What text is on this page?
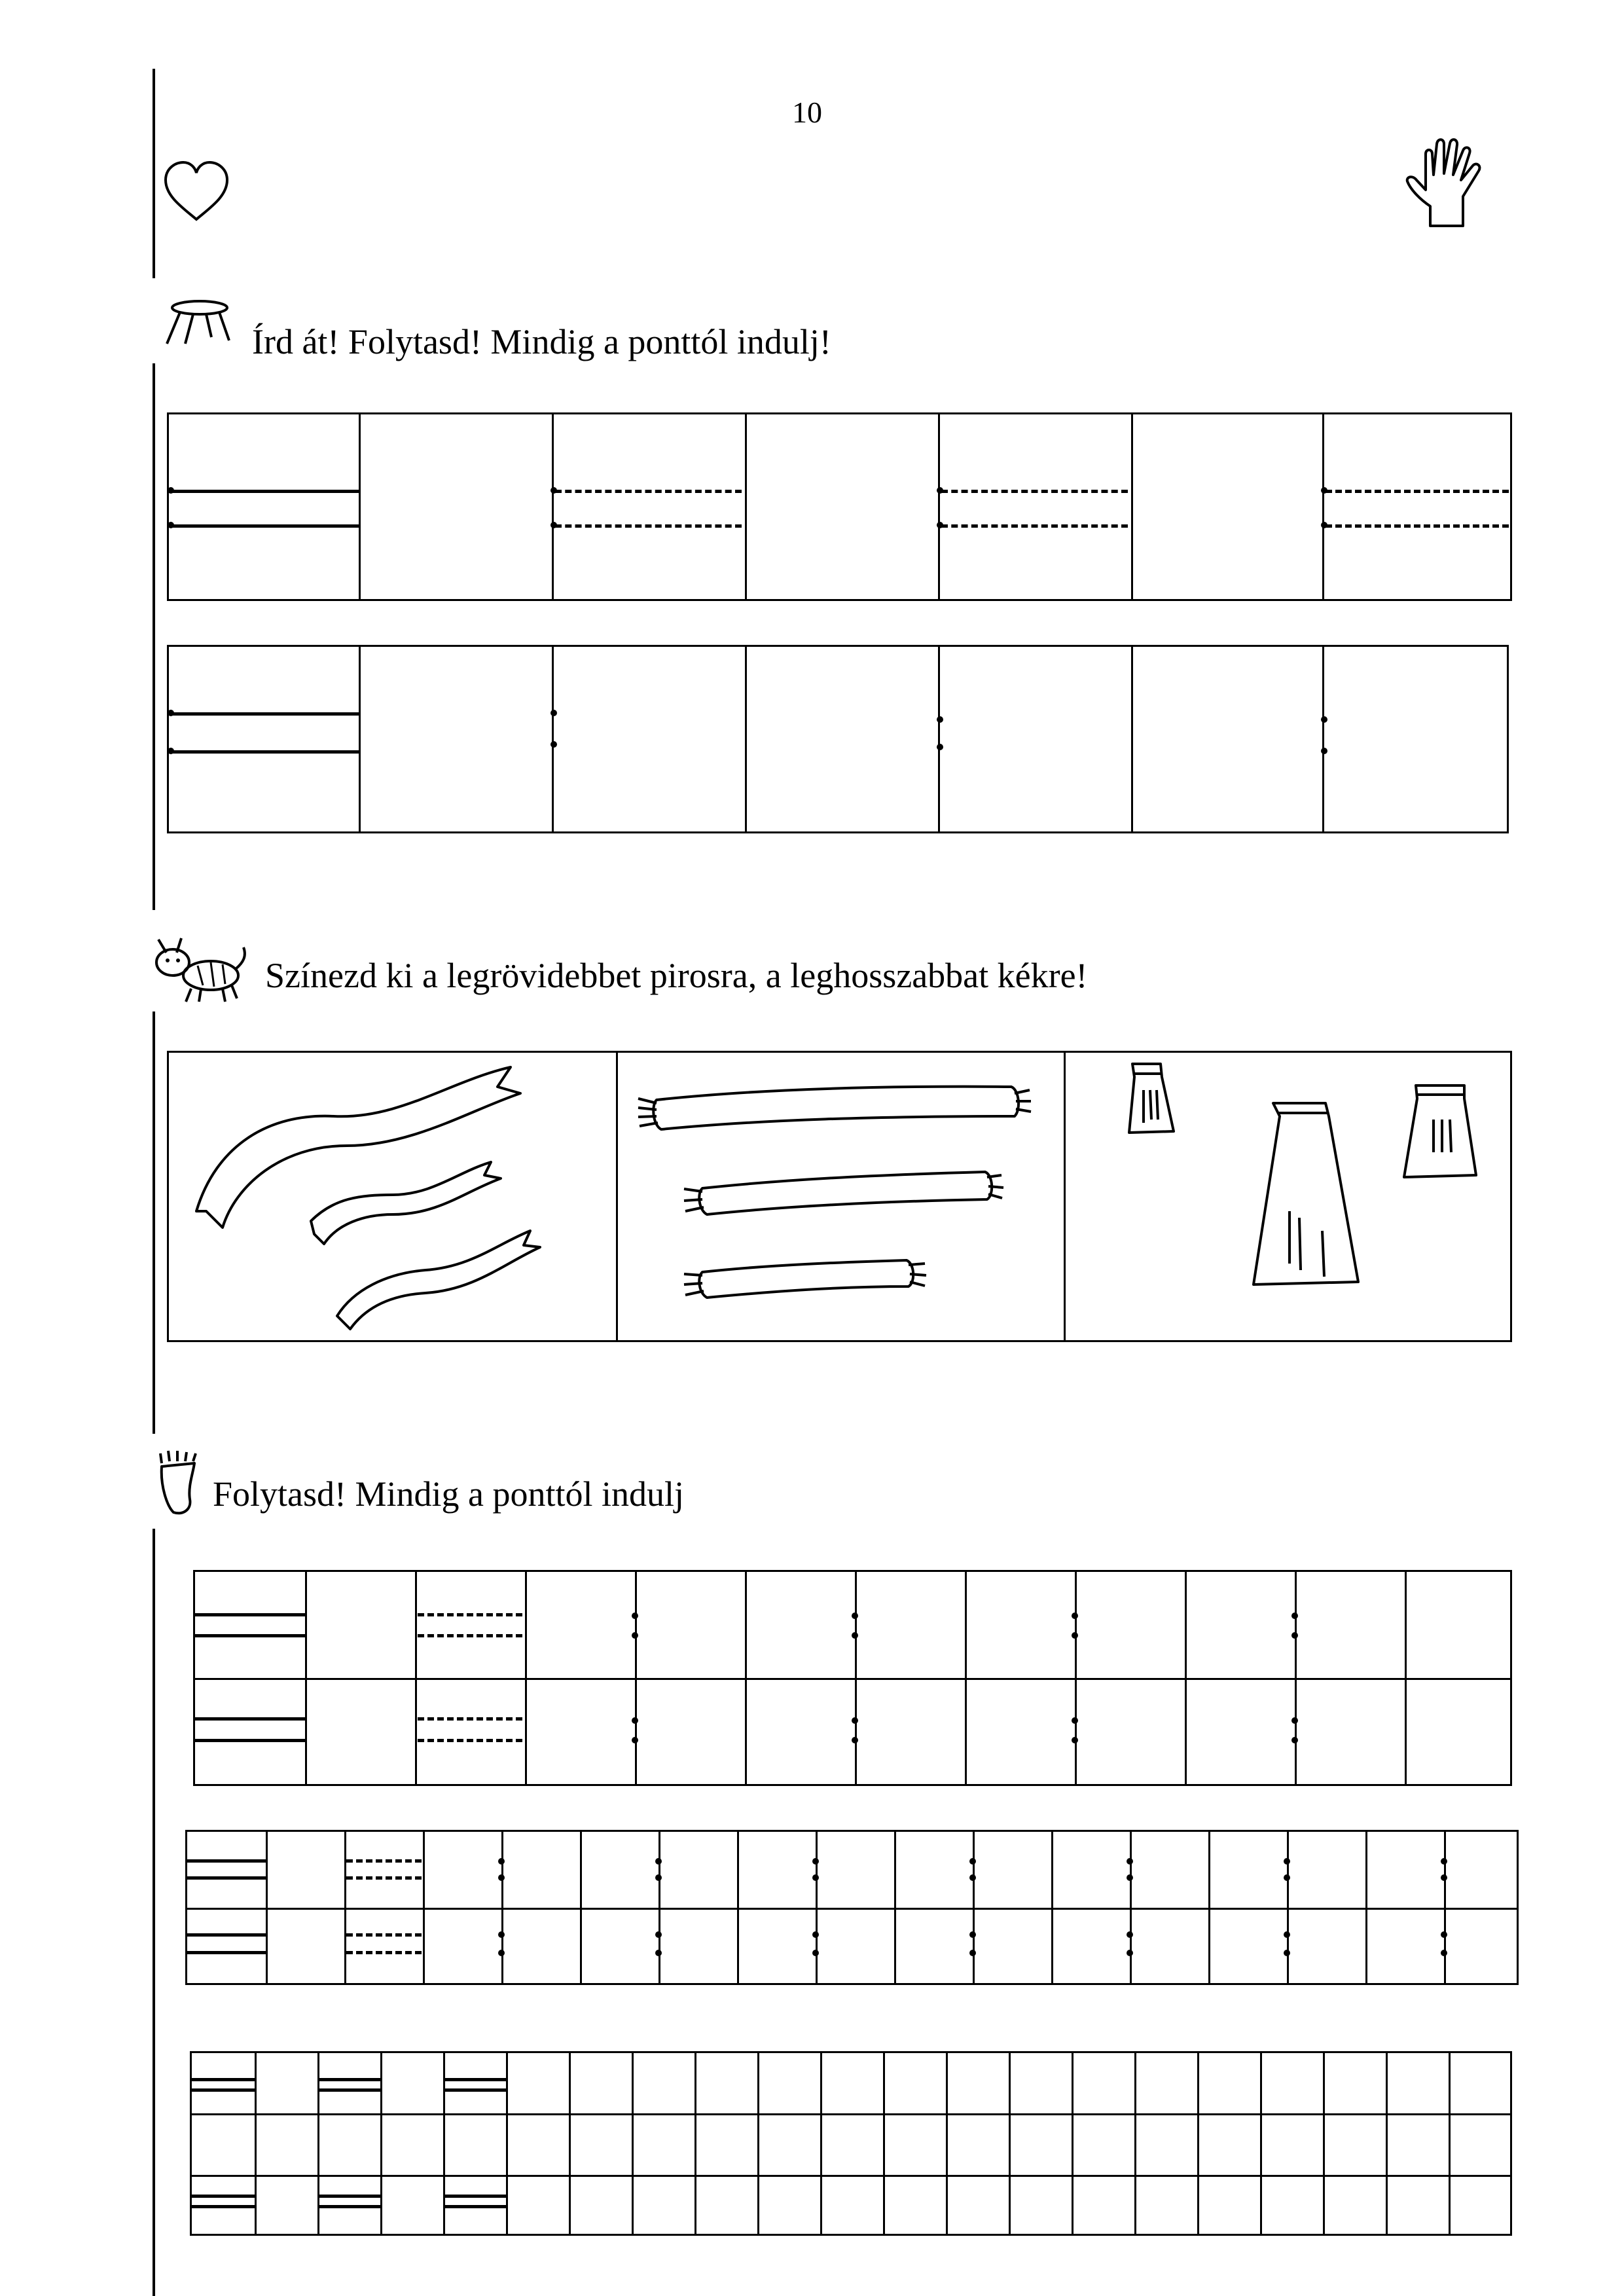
10
Írd át! Folytasd! Mindig a ponttól indulj!
Színezd ki a legrövidebbet pirosra, a leghosszabbat kékre!
Folytasd! Mindig a ponttól indulj
